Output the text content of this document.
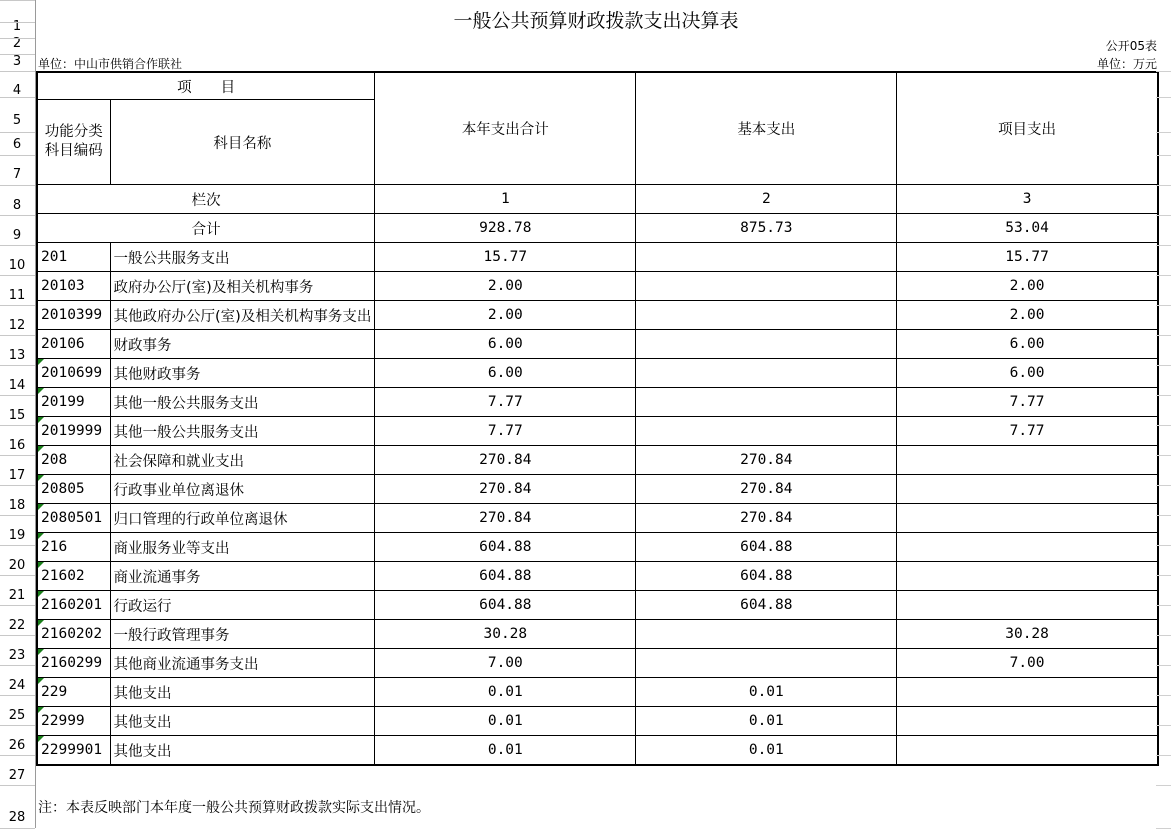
1
2
3
4
5
6
7
8
9
10
11
12
13
14
15
16
17
18
19
20
21
22
23
24
25
26
27
28
一般公共预算财政拨款支出决算表
公开05表
单位：中山市供销合作联社	单位：万元
项　　目		本年支出合计	基本支出	项目支出
功能分类
科目编码	科目名称			
栏次		1	2	3
合计		928.78	875.73	53.04
201	一般公共服务支出	15.77		15.77
20103	政府办公厅(室)及相关机构事务	2.00		2.00
2010399	其他政府办公厅(室)及相关机构事务支出	2.00		2.00
20106	财政事务	6.00		6.00

2010699	其他财政事务	6.00		6.00

20199	其他一般公共服务支出	7.77		7.77

2019999	其他一般公共服务支出	7.77		7.77

208	社会保障和就业支出	270.84	270.84	

20805	行政事业单位离退休	270.84	270.84	

2080501	归口管理的行政单位离退休	270.84	270.84	

216	商业服务业等支出	604.88	604.88	

21602	商业流通事务	604.88	604.88	

2160201	行政运行	604.88	604.88	

2160202	一般行政管理事务	30.28		30.28

2160299	其他商业流通事务支出	7.00		7.00

229	其他支出	0.01	0.01	

22999	其他支出	0.01	0.01	

2299901	其他支出	0.01	0.01	
注：本表反映部门本年度一般公共预算财政拨款实际支出情况。
